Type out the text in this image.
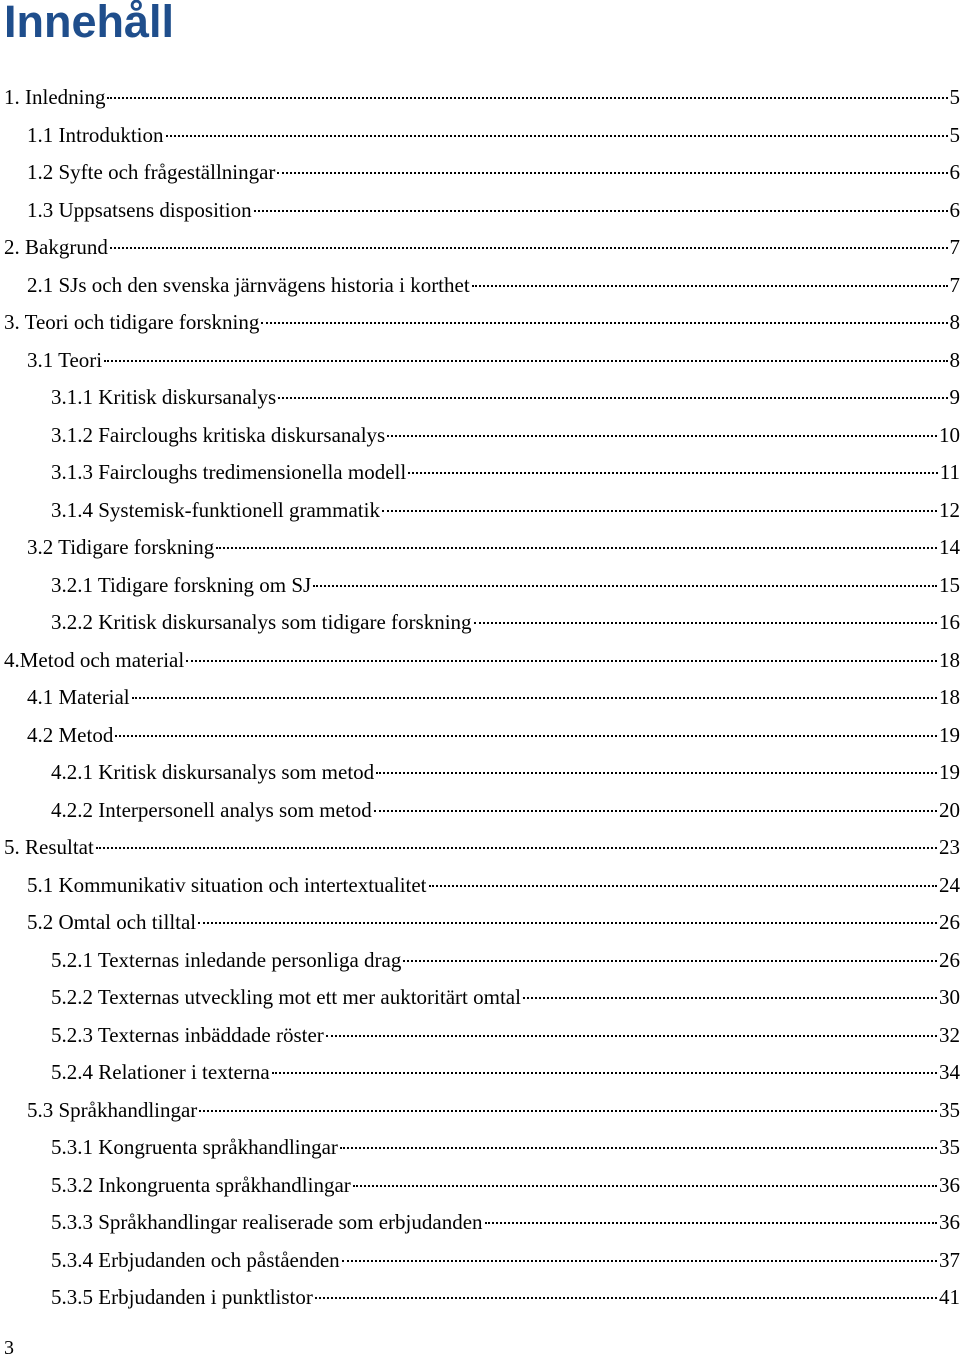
Innehåll
1. Inledning	5
1.1 Introduktion	5
1.2 Syfte och frågeställningar	6
1.3 Uppsatsens disposition	6
2. Bakgrund	7
2.1 SJs och den svenska järnvägens historia i korthet	7
3. Teori och tidigare forskning	8
3.1 Teori	8
3.1.1 Kritisk diskursanalys	9
3.1.2 Faircloughs kritiska diskursanalys	10
3.1.3 Faircloughs tredimensionella modell	11
3.1.4 Systemisk-funktionell grammatik	12
3.2 Tidigare forskning	14
3.2.1 Tidigare forskning om SJ	15
3.2.2 Kritisk diskursanalys som tidigare forskning	16
4.Metod och material	18
4.1 Material	18
4.2 Metod	19
4.2.1 Kritisk diskursanalys som metod	19
4.2.2 Interpersonell analys som metod	20
5. Resultat	23
5.1 Kommunikativ situation och intertextualitet	24
5.2 Omtal och tilltal	26
5.2.1 Texternas inledande personliga drag	26
5.2.2 Texternas utveckling mot ett mer auktoritärt omtal	30
5.2.3 Texternas inbäddade röster	32
5.2.4 Relationer i texterna	34
5.3 Språkhandlingar	35
5.3.1 Kongruenta språkhandlingar	35
5.3.2 Inkongruenta språkhandlingar	36
5.3.3 Språkhandlingar realiserade som erbjudanden	36
5.3.4 Erbjudanden och påståenden	37
5.3.5 Erbjudanden i punktlistor	41
3
